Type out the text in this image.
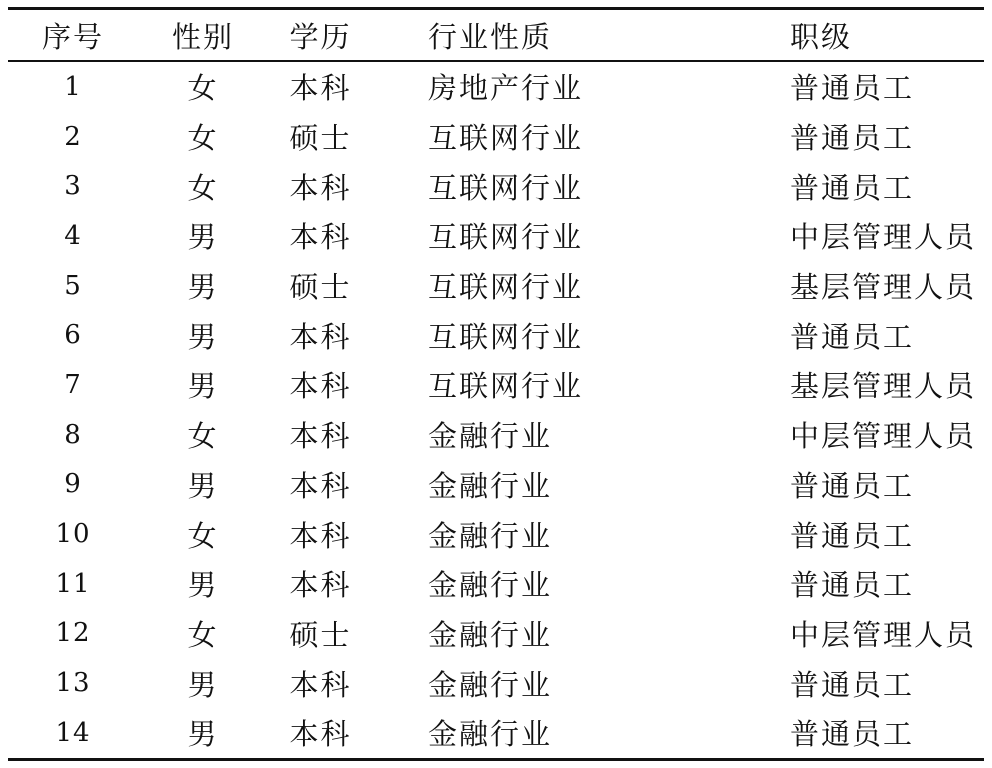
序号	性别	学历	行业性质	职级
1	女	本科	房地产行业	普通员工
2	女	硕士	互联网行业	普通员工
3	女	本科	互联网行业	普通员工
4	男	本科	互联网行业	中层管理人员
5	男	硕士	互联网行业	基层管理人员
6	男	本科	互联网行业	普通员工
7	男	本科	互联网行业	基层管理人员
8	女	本科	金融行业	中层管理人员
9	男	本科	金融行业	普通员工
10	女	本科	金融行业	普通员工
11	男	本科	金融行业	普通员工
12	女	硕士	金融行业	中层管理人员
13	男	本科	金融行业	普通员工
14	男	本科	金融行业	普通员工
